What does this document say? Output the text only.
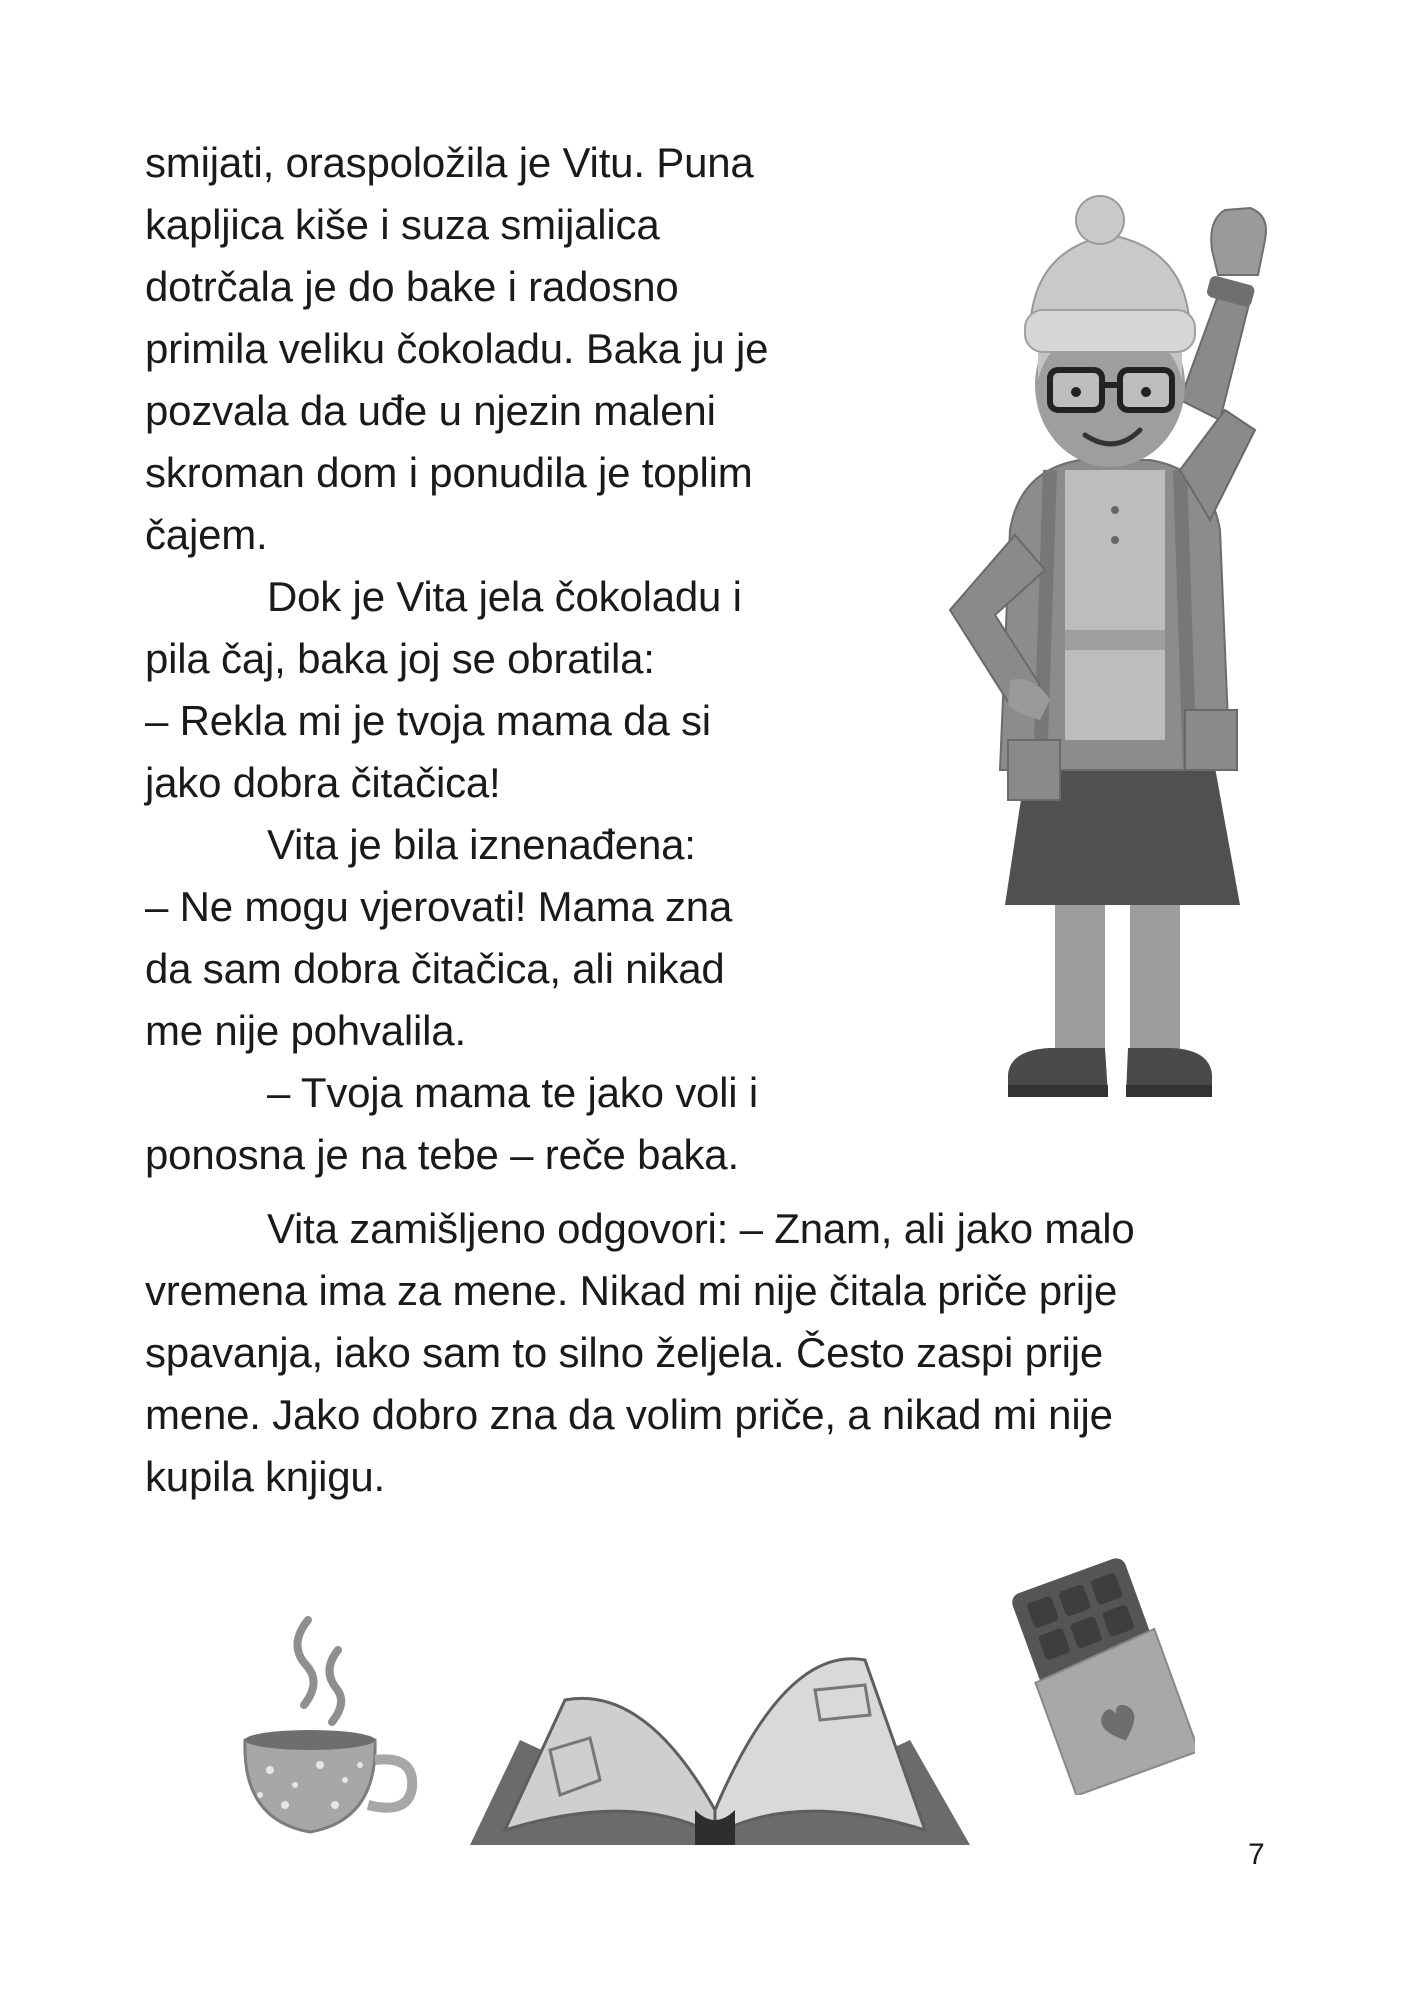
smijati, oraspoložila je Vitu. Puna
kapljica kiše i suza smijalica
dotrčala je do bake i radosno
primila veliku čokoladu. Baka ju je
pozvala da uđe u njezin maleni
skroman dom i ponudila je toplim
čajem.
Dok je Vita jela čokoladu i
pila čaj, baka joj se obratila:
– Rekla mi je tvoja mama da si
jako dobra čitačica!
Vita je bila iznenađena:
– Ne mogu vjerovati! Mama zna
da sam dobra čitačica, ali nikad
me nije pohvalila.
– Tvoja mama te jako voli i
ponosna je na tebe – reče baka.
Vita zamišljeno odgovori: – Znam, ali jako malo
vremena ima za mene. Nikad mi nije čitala priče prije
spavanja, iako sam to silno željela. Često zaspi prije
mene. Jako dobro zna da volim priče, a nikad mi nije
kupila knjigu.
7
